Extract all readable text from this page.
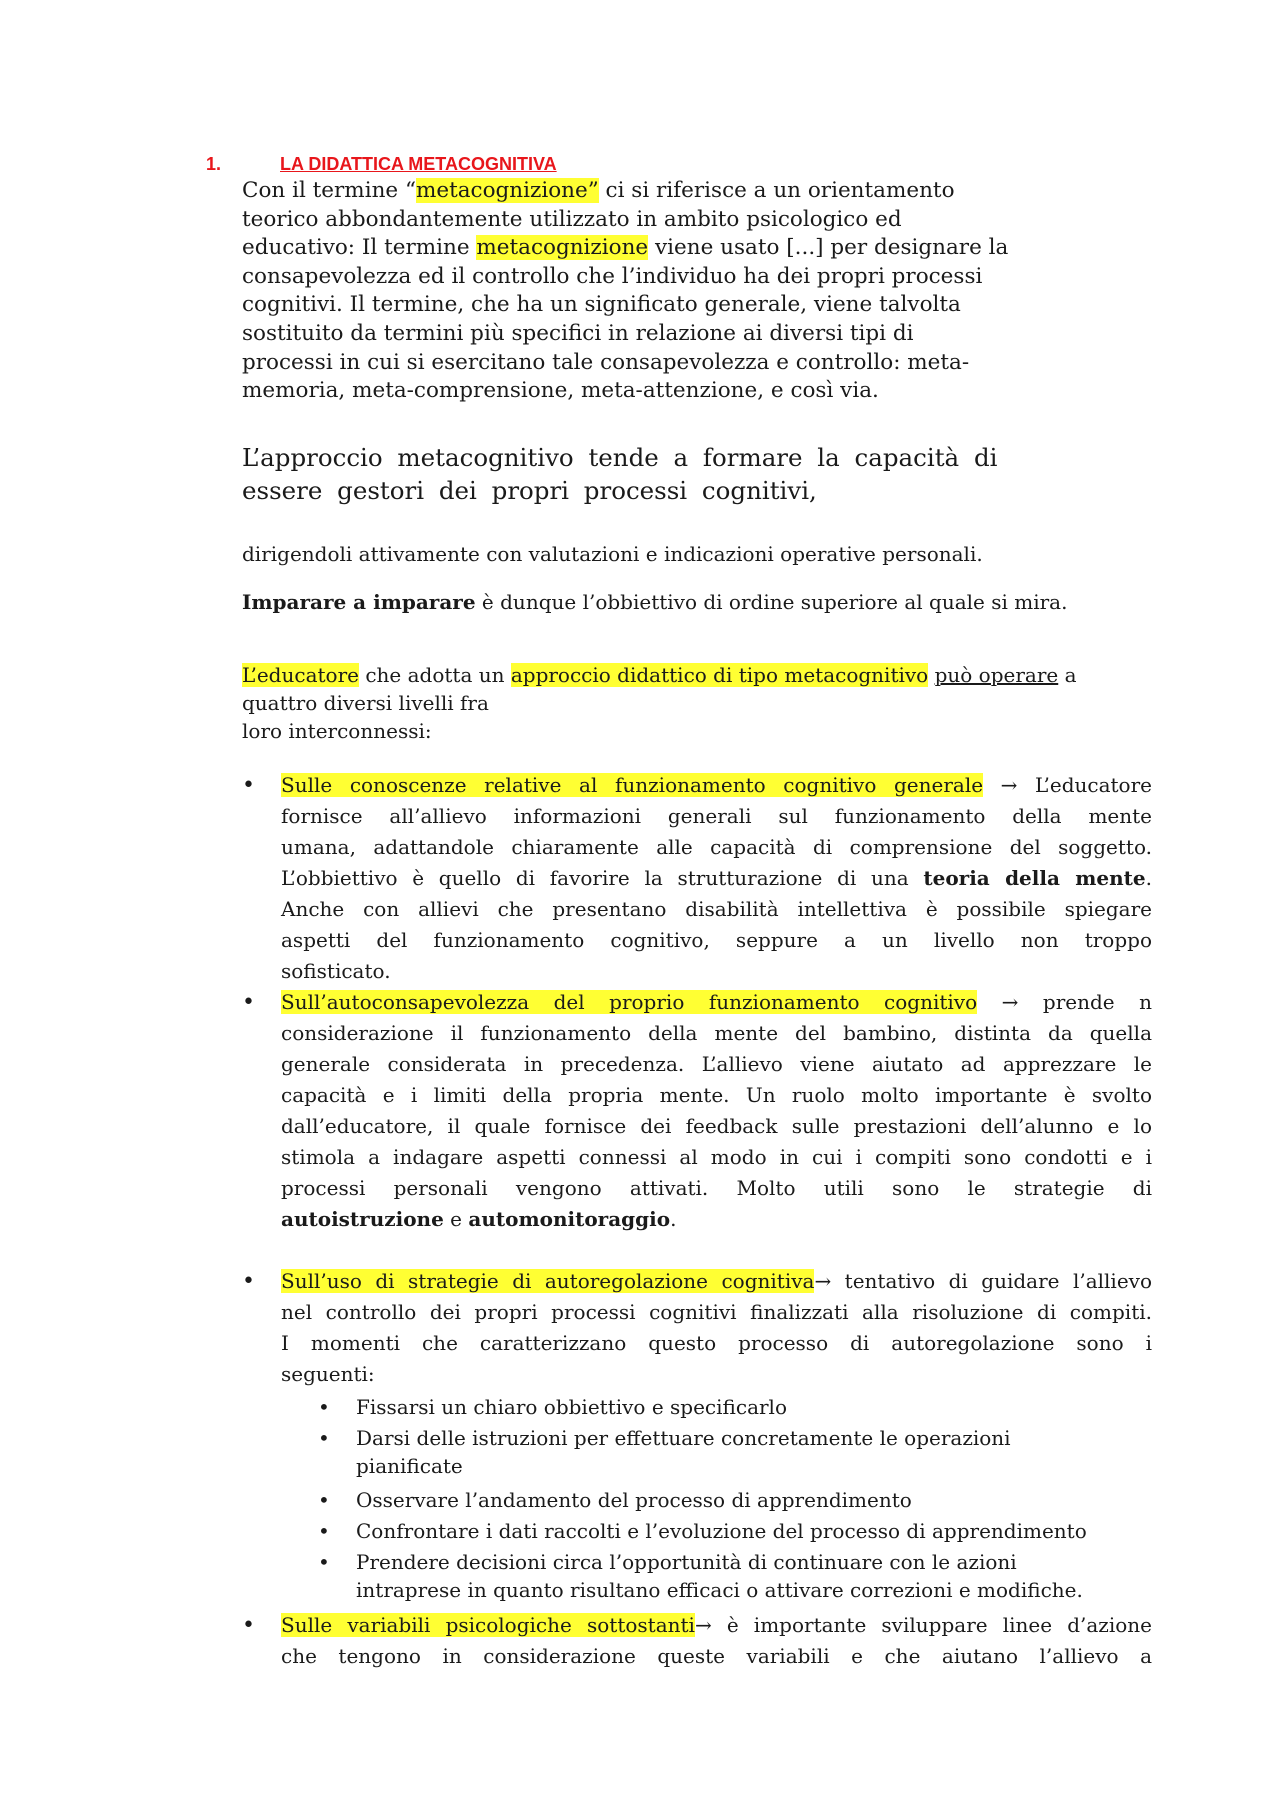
1.	LA DIDATTICA METACOGNITIVA
Con il termine “metacognizione” ci si riferisce a un orientamento
teorico abbondantemente utilizzato in ambito psicologico ed
educativo: Il termine metacognizione viene usato [...] per designare la
consapevolezza ed il controllo che l’individuo ha dei propri processi
cognitivi. Il termine, che ha un significato generale, viene talvolta
sostituito da termini più specifici in relazione ai diversi tipi di
processi in cui si esercitano tale consapevolezza e controllo: meta-
memoria, meta-comprensione, meta-attenzione, e così via.
L’approccio metacognitivo tende a formare la capacità di
essere gestori dei propri processi cognitivi,
dirigendoli attivamente con valutazioni e indicazioni operative personali.
Imparare a imparare è dunque l’obbiettivo di ordine superiore al quale si mira.
L’educatore che adotta un approccio didattico di tipo metacognitivo può operare a
quattro diversi livelli fra
loro interconnessi:
• Sulle conoscenze relative al funzionamento cognitivo generale → L’educatore
fornisce all’allievo informazioni generali sul funzionamento della mente
umana, adattandole chiaramente alle capacità di comprensione del soggetto.
L’obbiettivo è quello di favorire la strutturazione di una teoria della mente.
Anche con allievi che presentano disabilità intellettiva è possibile spiegare
aspetti del funzionamento cognitivo, seppure a un livello non troppo
sofisticato.
• Sull’autoconsapevolezza del proprio funzionamento cognitivo → prende n
considerazione il funzionamento della mente del bambino, distinta da quella
generale considerata in precedenza. L’allievo viene aiutato ad apprezzare le
capacità e i limiti della propria mente. Un ruolo molto importante è svolto
dall’educatore, il quale fornisce dei feedback sulle prestazioni dell’alunno e lo
stimola a indagare aspetti connessi al modo in cui i compiti sono condotti e i
processi personali vengono attivati. Molto utili sono le strategie di
autoistruzione e automonitoraggio.
• Sull’uso di strategie di autoregolazione cognitiva→ tentativo di guidare l’allievo
nel controllo dei propri processi cognitivi finalizzati alla risoluzione di compiti.
I momenti che caratterizzano questo processo di autoregolazione sono i
seguenti:
• Fissarsi un chiaro obbiettivo e specificarlo
• Darsi delle istruzioni per effettuare concretamente le operazioni
pianificate
• Osservare l’andamento del processo di apprendimento
• Confrontare i dati raccolti e l’evoluzione del processo di apprendimento
• Prendere decisioni circa l’opportunità di continuare con le azioni
intraprese in quanto risultano efficaci o attivare correzioni e modifiche.
• Sulle variabili psicologiche sottostanti→ è importante sviluppare linee d’azione
che tengono in considerazione queste variabili e che aiutano l’allievo a
